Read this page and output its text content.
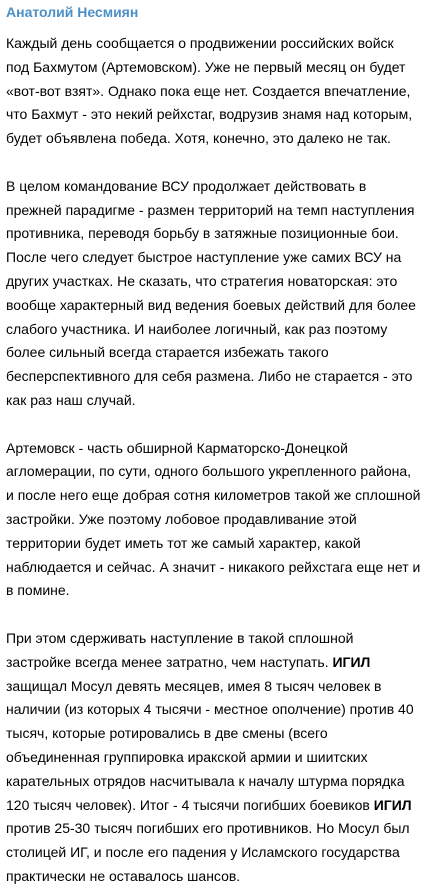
Анатолий Несмиян
Каждый день сообщается о продвижении российских войск
под Бахмутом (Артемовском). Уже не первый месяц он будет
«вот-вот взят». Однако пока еще нет. Создается впечатление,
что Бахмут - это некий рейхстаг, водрузив знамя над которым,
будет объявлена победа. Хотя, конечно, это далеко не так.
В целом командование ВСУ продолжает действовать в
прежней парадигме - размен территорий на темп наступления
противника, переводя борьбу в затяжные позиционные бои.
После чего следует быстрое наступление уже самих ВСУ на
других участках. Не сказать, что стратегия новаторская: это
вообще характерный вид ведения боевых действий для более
слабого участника. И наиболее логичный, как раз поэтому
более сильный всегда старается избежать такого
бесперспективного для себя размена. Либо не старается - это
как раз наш случай.
Артемовск - часть обширной Карматорско-Донецкой
агломерации, по сути, одного большого укрепленного района,
и после него еще добрая сотня километров такой же сплошной
застройки. Уже поэтому лобовое продавливание этой
территории будет иметь тот же самый характер, какой
наблюдается и сейчас. А значит - никакого рейхстага еще нет и
в помине.
При этом сдерживать наступление в такой сплошной
застройке всегда менее затратно, чем наступать. ИГИЛ
защищал Мосул девять месяцев, имея 8 тысяч человек в
наличии (из которых 4 тысячи - местное ополчение) против 40
тысяч, которые ротировались в две смены (всего
объединенная группировка иракской армии и шиитских
карательных отрядов насчитывала к началу штурма порядка
120 тысяч человек). Итог - 4 тысячи погибших боевиков ИГИЛ
против 25-30 тысяч погибших его противников. Но Мосул был
столицей ИГ, и после его падения у Исламского государства
практически не оставалось шансов.
